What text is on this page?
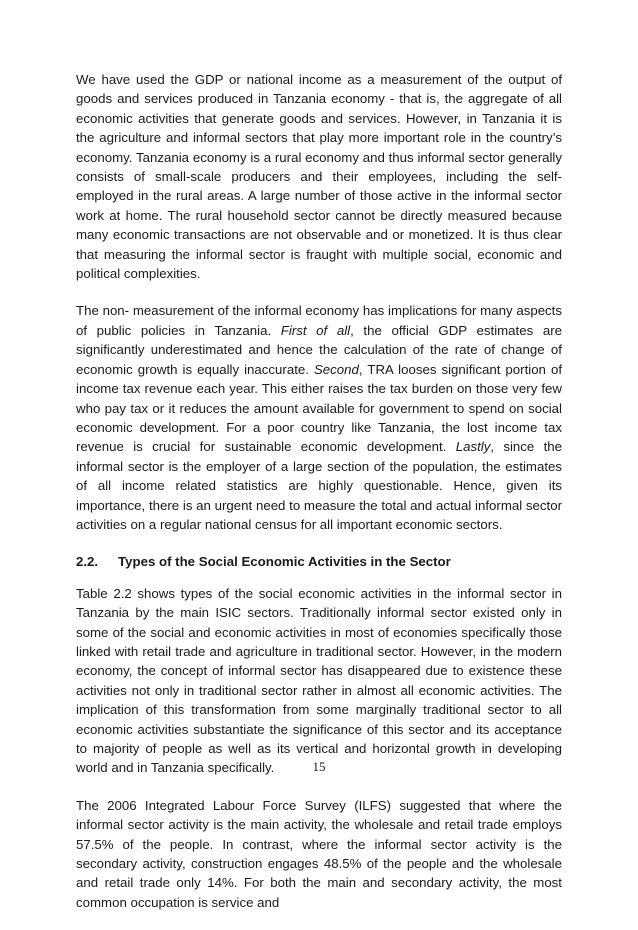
We have used the GDP or national income as a measurement of the output of goods and services produced in Tanzania economy - that is, the aggregate of all economic activities that generate goods and services. However, in Tanzania it is the agriculture and informal sectors that play more important role in the country’s economy. Tanzania economy is a rural economy and thus informal sector generally consists of small-scale producers and their employees, including the self-employed in the rural areas. A large number of those active in the informal sector work at home. The rural household sector cannot be directly measured because many economic transactions are not observable and or monetized. It is thus clear that measuring the informal sector is fraught with multiple social, economic and political complexities.

The non- measurement of the informal economy has implications for many aspects of public policies in Tanzania. First of all, the official GDP estimates are significantly underestimated and hence the calculation of the rate of change of economic growth is equally inaccurate. Second, TRA looses significant portion of income tax revenue each year. This either raises the tax burden on those very few who pay tax or it reduces the amount available for government to spend on social economic development. For a poor country like Tanzania, the lost income tax revenue is crucial for sustainable economic development. Lastly, since the informal sector is the employer of a large section of the population, the estimates of all income related statistics are highly questionable. Hence, given its importance, there is an urgent need to measure the total and actual informal sector activities on a regular national census for all important economic sectors.

2.2.	Types of the Social Economic Activities in the Sector

Table 2.2 shows types of the social economic activities in the informal sector in Tanzania by the main ISIC sectors. Traditionally informal sector existed only in some of the social and economic activities in most of economies specifically those linked with retail trade and agriculture in traditional sector. However, in the modern economy, the concept of informal sector has disappeared due to existence these activities not only in traditional sector rather in almost all economic activities. The implication of this transformation from some marginally traditional sector to all economic activities substantiate the significance of this sector and its acceptance to majority of people as well as its vertical and horizontal growth in developing world and in Tanzania specifically.

The 2006 Integrated Labour Force Survey (ILFS) suggested that where the informal sector activity is the main activity, the wholesale and retail trade employs 57.5% of the people. In contrast, where the informal sector activity is the secondary activity, construction engages 48.5% of the people and the wholesale and retail trade only 14%. For both the main and secondary activity, the most common occupation is service and

15
